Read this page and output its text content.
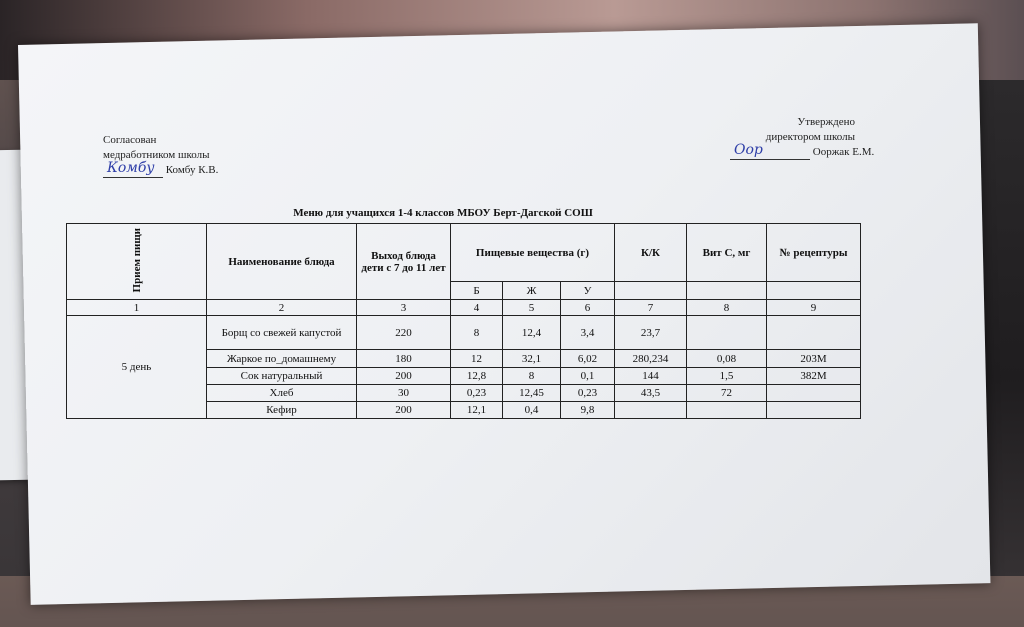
Согласован
медработником школы
Комбу Комбу К.В.
Утверждено
директором школы
Оор	Ооржак Е.М.
Меню для учащихся 1-4 классов МБОУ Берт-Дагской СОШ
Прием пищи	Наименование блюда	Выход блюда дети с 7 до 11 лет	Пищевые вещества (г)			К/К	Вит С, мг	№ рецептуры
			Б	Ж	У			
1	2	3	4	5	6	7	8	9
5 день	Борщ со свежей капустой	220	8	12,4	3,4	23,7		
	Жаркое по_домашнему	180	12	32,1	6,02	280,234	0,08	203М
	Сок натуральный	200	12,8	8	0,1	144	1,5	382М
	Хлеб	30	0,23	12,45	0,23	43,5	72	
	Кефир	200	12,1	0,4	9,8			
